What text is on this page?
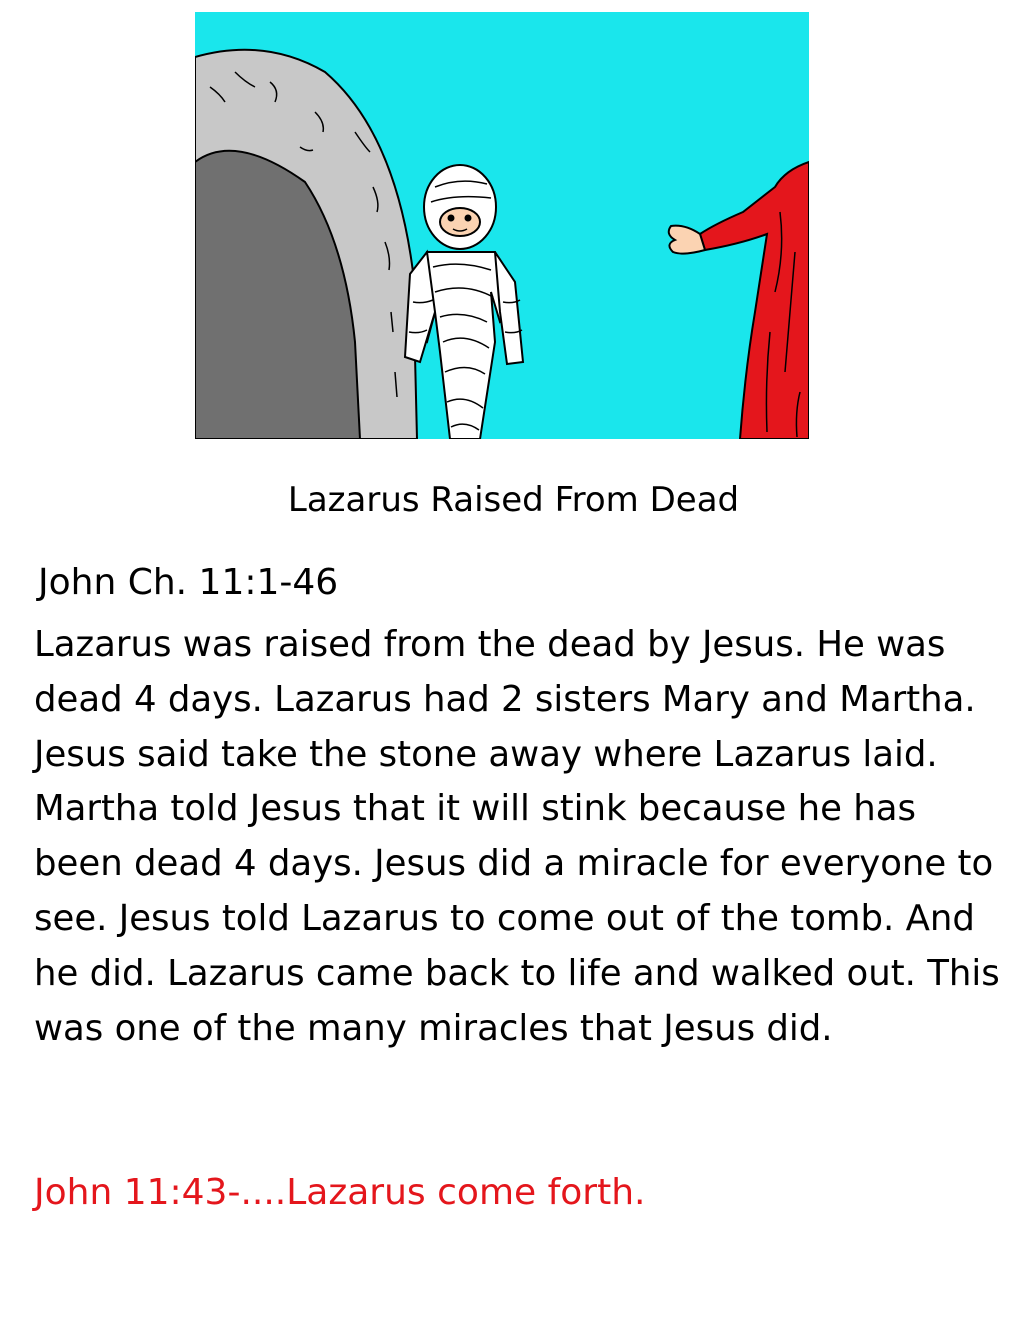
Lazarus Raised From Dead
John Ch. 11:1-46

Lazarus was raised from the dead by Jesus. He was dead 4 days. Lazarus had 2 sisters Mary and Martha. Jesus said take the stone away where Lazarus laid. Martha told Jesus that it will stink because he has been dead 4 days. Jesus did a miracle for everyone to see. Jesus told Lazarus to come out of the tomb. And he did. Lazarus came back to life and walked out. This was one of the many miracles that Jesus did.

John 11:43-....Lazarus come forth.
